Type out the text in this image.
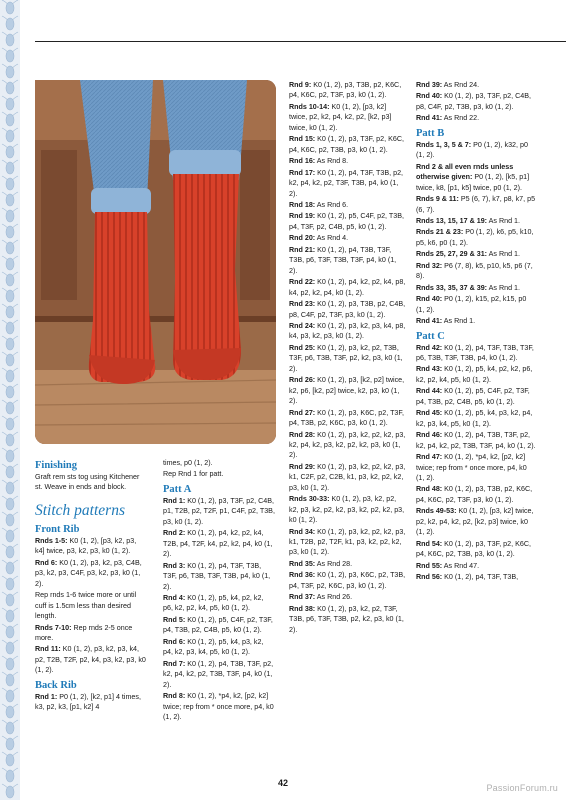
Finishing
Graft rem sts tog using Kitchener st. Weave in ends and block.
Stitch patterns
Front Rib
Rnds 1-5: K0 (1, 2), [p3, k2, p3, k4] twice, p3, k2, p3, k0 (1, 2).
Rnd 6: K0 (1, 2), p3, k2, p3, C4B, p3, k2, p3, C4F, p3, k2, p3, k0 (1, 2).
Rep rnds 1-6 twice more or until cuff is 1.5cm less than desired length.
Rnds 7-10: Rep rnds 2-5 once more.
Rnd 11: K0 (1, 2), p3, k2, p3, k4, p2, T2B, T2F, p2, k4, p3, k2, p3, k0 (1, 2).
Back Rib
Rnd 1: P0 (1, 2), [k2, p1] 4 times, k3, p2, k3, [p1, k2] 4
times, p0 (1, 2).
Rep Rnd 1 for patt.
Patt A
Rnd 1: K0 (1, 2), p3, T3F, p2, C4B, p1, T2B, p2, T2F, p1, C4F, p2, T3B, p3, k0 (1, 2).
Rnd 2: K0 (1, 2), p4, k2, p2, k4, T2B, p4, T2F, k4, p2, k2, p4, k0 (1, 2).
Rnd 3: K0 (1, 2), p4, T3F, T3B, T3F, p6, T3B, T3F, T3B, p4, k0 (1, 2).
Rnd 4: K0 (1, 2), p5, k4, p2, k2, p6, k2, p2, k4, p5, k0 (1, 2).
Rnd 5: K0 (1, 2), p5, C4F, p2, T3F, p4, T3B, p2, C4B, p5, k0 (1, 2).
Rnd 6: K0 (1, 2), p5, k4, p3, k2, p4, k2, p3, k4, p5, k0 (1, 2).
Rnd 7: K0 (1, 2), p4, T3B, T3F, p2, k2, p4, k2, p2, T3B, T3F, p4, k0 (1, 2).
Rnd 8: K0 (1, 2), *p4, k2, [p2, k2] twice; rep from * once more, p4, k0 (1, 2).
Rnd 9: K0 (1, 2), p3, T3B, p2, K6C, p4, K6C, p2, T3F, p3, k0 (1, 2).
Rnds 10-14: K0 (1, 2), [p3, k2] twice, p2, k2, p4, k2, p2, [k2, p3] twice, k0 (1, 2).
Rnd 15: K0 (1, 2), p3, T3F, p2, K6C, p4, K6C, p2, T3B, p3, k0 (1, 2).
Rnd 16: As Rnd 8.
Rnd 17: K0 (1, 2), p4, T3F, T3B, p2, k2, p4, k2, p2, T3F, T3B, p4, k0 (1, 2).
Rnd 18: As Rnd 6.
Rnd 19: K0 (1, 2), p5, C4F, p2, T3B, p4, T3F, p2, C4B, p5, k0 (1, 2).
Rnd 20: As Rnd 4.
Rnd 21: K0 (1, 2), p4, T3B, T3F, T3B, p6, T3F, T3B, T3F, p4, k0 (1, 2).
Rnd 22: K0 (1, 2), p4, k2, p2, k4, p8, k4, p2, k2, p4, k0 (1, 2).
Rnd 23: K0 (1, 2), p3, T3B, p2, C4B, p8, C4F, p2, T3F, p3, k0 (1, 2).
Rnd 24: K0 (1, 2), p3, k2, p3, k4, p8, k4, p3, k2, p3, k0 (1, 2).
Rnd 25: K0 (1, 2), p3, k2, p2, T3B, T3F, p6, T3B, T3F, p2, k2, p3, k0 (1, 2).
Rnd 26: K0 (1, 2), p3, [k2, p2] twice, k2, p6, [k2, p2] twice, k2, p3, k0 (1, 2).
Rnd 27: K0 (1, 2), p3, K6C, p2, T3F, p4, T3B, p2, K6C, p3, k0 (1, 2).
Rnd 28: K0 (1, 2), p3, k2, p2, k2, p3, k2, p4, k2, p3, k2, p2, k2, p3, k0 (1, 2).
Rnd 29: K0 (1, 2), p3, k2, p2, k2, p3, k1, C2F, p2, C2B, k1, p3, k2, p2, k2, p3, k0 (1, 2).
Rnds 30-33: K0 (1, 2), p3, k2, p2, k2, p3, k2, p2, k2, p3, k2, p2, k2, p3, k0 (1, 2).
Rnd 34: K0 (1, 2), p3, k2, p2, k2, p3, k1, T2B, p2, T2F, k1, p3, k2, p2, k2, p3, k0 (1, 2).
Rnd 35: As Rnd 28.
Rnd 36: K0 (1, 2), p3, K6C, p2, T3B, p4, T3F, p2, K6C, p3, k0 (1, 2).
Rnd 37: As Rnd 26.
Rnd 38: K0 (1, 2), p3, k2, p2, T3F, T3B, p6, T3F, T3B, p2, k2, p3, k0 (1, 2).
Rnd 39: As Rnd 24.
Rnd 40: K0 (1, 2), p3, T3F, p2, C4B, p8, C4F, p2, T3B, p3, k0 (1, 2).
Rnd 41: As Rnd 22.
Patt B
Rnds 1, 3, 5 & 7: P0 (1, 2), k32, p0 (1, 2).
Rnd 2 & all even rnds unless otherwise given: P0 (1, 2), [k5, p1] twice, k8, [p1, k5] twice, p0 (1, 2).
Rnds 9 & 11: P5 (6, 7), k7, p8, k7, p5 (6, 7).
Rnds 13, 15, 17 & 19: As Rnd 1.
Rnds 21 & 23: P0 (1, 2), k6, p5, k10, p5, k6, p0 (1, 2).
Rnds 25, 27, 29 & 31: As Rnd 1.
Rnd 32: P6 (7, 8), k5, p10, k5, p6 (7, 8).
Rnds 33, 35, 37 & 39: As Rnd 1.
Rnd 40: P0 (1, 2), k15, p2, k15, p0 (1, 2).
Rnd 41: As Rnd 1.
Patt C
Rnd 42: K0 (1, 2), p4, T3F, T3B, T3F, p6, T3B, T3F, T3B, p4, k0 (1, 2).
Rnd 43: K0 (1, 2), p5, k4, p2, k2, p6, k2, p2, k4, p5, k0 (1, 2).
Rnd 44: K0 (1, 2), p5, C4F, p2, T3F, p4, T3B, p2, C4B, p5, k0 (1, 2).
Rnd 45: K0 (1, 2), p5, k4, p3, k2, p4, k2, p3, k4, p5, k0 (1, 2).
Rnd 46: K0 (1, 2), p4, T3B, T3F, p2, k2, p4, k2, p2, T3B, T3F, p4, k0 (1, 2).
Rnd 47: K0 (1, 2), *p4, k2, [p2, k2] twice; rep from * once more, p4, k0 (1, 2).
Rnd 48: K0 (1, 2), p3, T3B, p2, K6C, p4, K6C, p2, T3F, p3, k0 (1, 2).
Rnds 49-53: K0 (1, 2), [p3, k2] twice, p2, k2, p4, k2, p2, [k2, p3] twice, k0 (1, 2).
Rnd 54: K0 (1, 2), p3, T3F, p2, K6C, p4, K6C, p2, T3B, p3, k0 (1, 2).
Rnd 55: As Rnd 47.
Rnd 56: K0 (1, 2), p4, T3F, T3B,
42	PassionForum.ru
